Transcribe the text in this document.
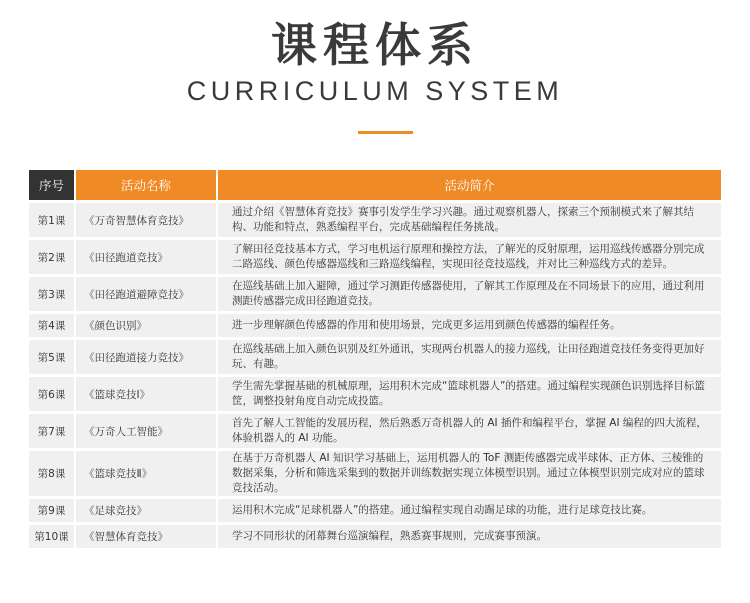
课程体系
CURRICULUM SYSTEM
序号	活动名称	活动简介
第1课	《万奇智慧体育竞技》	通过介绍《智慧体育竞技》赛事引发学生学习兴趣。通过观察机器人，探索三个预制模式来了解其结构、功能和特点，熟悉编程平台，完成基础编程任务挑战。
第2课	《田径跑道竞技》	了解田径竞技基本方式，学习电机运行原理和操控方法，了解光的反射原理，运用巡线传感器分别完成二路巡线、颜色传感器巡线和三路巡线编程，实现田径竞技巡线，并对比三种巡线方式的差异。
第3课	《田径跑道避障竞技》	在巡线基础上加入避障，通过学习测距传感器使用，了解其工作原理及在不同场景下的应用，通过利用测距传感器完成田径跑道竞技。
第4课	《颜色识别》	进一步理解颜色传感器的作用和使用场景，完成更多运用到颜色传感器的编程任务。
第5课	《田径跑道接力竞技》	在巡线基础上加入颜色识别及红外通讯，实现两台机器人的接力巡线，让田径跑道竞技任务变得更加好玩、有趣。
第6课	《篮球竞技Ⅰ》	学生需先掌握基础的机械原理，运用积木完成“篮球机器人”的搭建。通过编程实现颜色识别选择目标篮筐，调整投射角度自动完成投篮。
第7课	《万奇人工智能》	首先了解人工智能的发展历程，然后熟悉万奇机器人的 AI 插件和编程平台，掌握 AI 编程的四大流程，体验机器人的 AI 功能。
第8课	《篮球竞技Ⅱ》	在基于万奇机器人 AI 知识学习基础上，运用机器人的 ToF 测距传感器完成半球体、正方体、三棱锥的数据采集，分析和筛选采集到的数据并训练数据实现立体模型识别。通过立体模型识别完成对应的篮球竞技活动。
第9课	《足球竞技》	运用积木完成“足球机器人”的搭建。通过编程实现自动踢足球的功能，进行足球竞技比赛。
第10课	《智慧体育竞技》	学习不同形状的闭幕舞台巡演编程，熟悉赛事规则，完成赛事预演。
